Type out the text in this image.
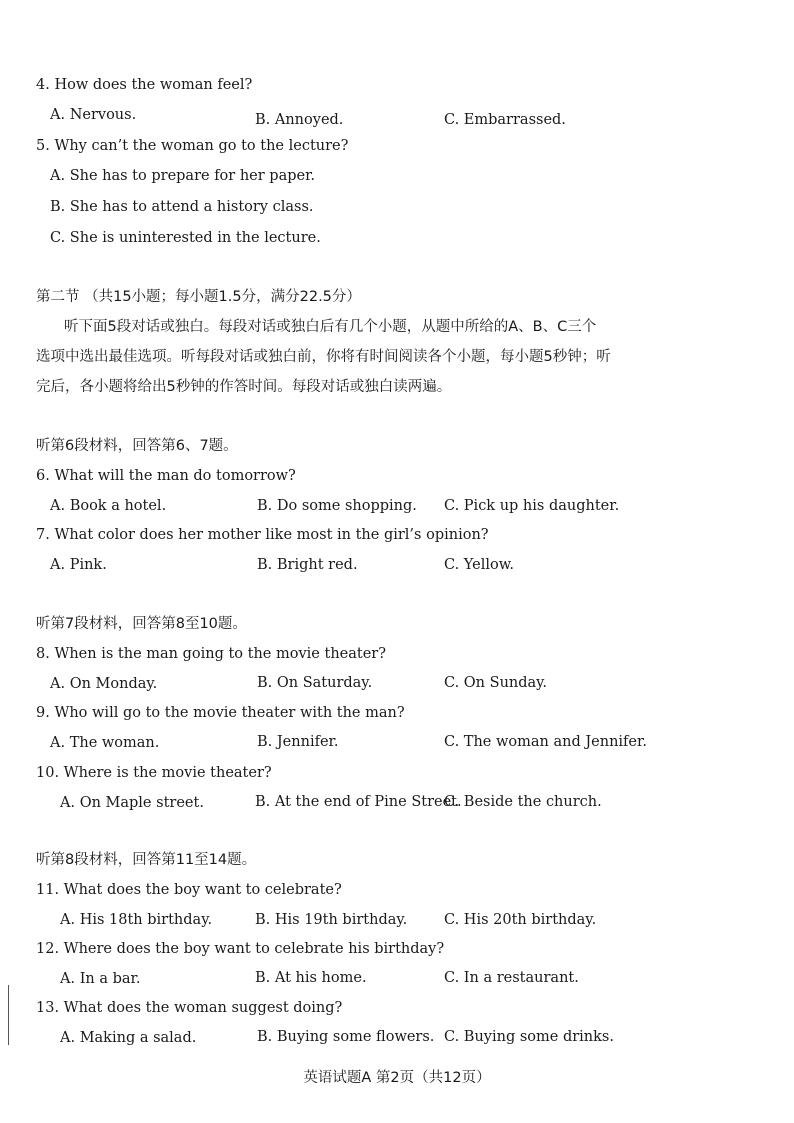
4. How does the woman feel?
A. Nervous.	B. Annoyed.	C. Embarrassed.
5. Why can’t the woman go to the lecture?
A. She has to prepare for her paper.
B. She has to attend a history class.
C. She is uninterested in the lecture.
第二节 （共15小题；每小题1.5分，满分22.5分）
听下面5段对话或独白。每段对话或独白后有几个小题，从题中所给的A、B、C三个
选项中选出最佳选项。听每段对话或独白前，你将有时间阅读各个小题，每小题5秒钟；听
完后，各小题将给出5秒钟的作答时间。每段对话或独白读两遍。
听第6段材料，回答第6、7题。
6. What will the man do tomorrow?
A. Book a hotel.	B. Do some shopping. C. Pick up his daughter.
7. What color does her mother like most in the girl’s opinion?
A. Pink.	B. Bright red.	C. Yellow.
听第7段材料，回答第8至10题。
8. When is the man going to the movie theater?
A. On Monday.	B. On Saturday.	C. On Sunday.
9. Who will go to the movie theater with the man?
A. The woman.	B. Jennifer.	C. The woman and Jennifer.
10. Where is the movie theater?
A. On Maple street.	B. At the end of Pine Street.
C. Beside the church.
听第8段材料，回答第11至14题。
11. What does the boy want to celebrate?
A. His 18th birthday.	B. His 19th birthday.	C. His 20th birthday.
12. Where does the boy want to celebrate his birthday?
A. In a bar.	B. At his home.	C. In a restaurant.
13. What does the woman suggest doing?
A. Making a salad.	B. Buying some flowers. C. Buying some drinks.
英语试题A 第2页（共12页）
